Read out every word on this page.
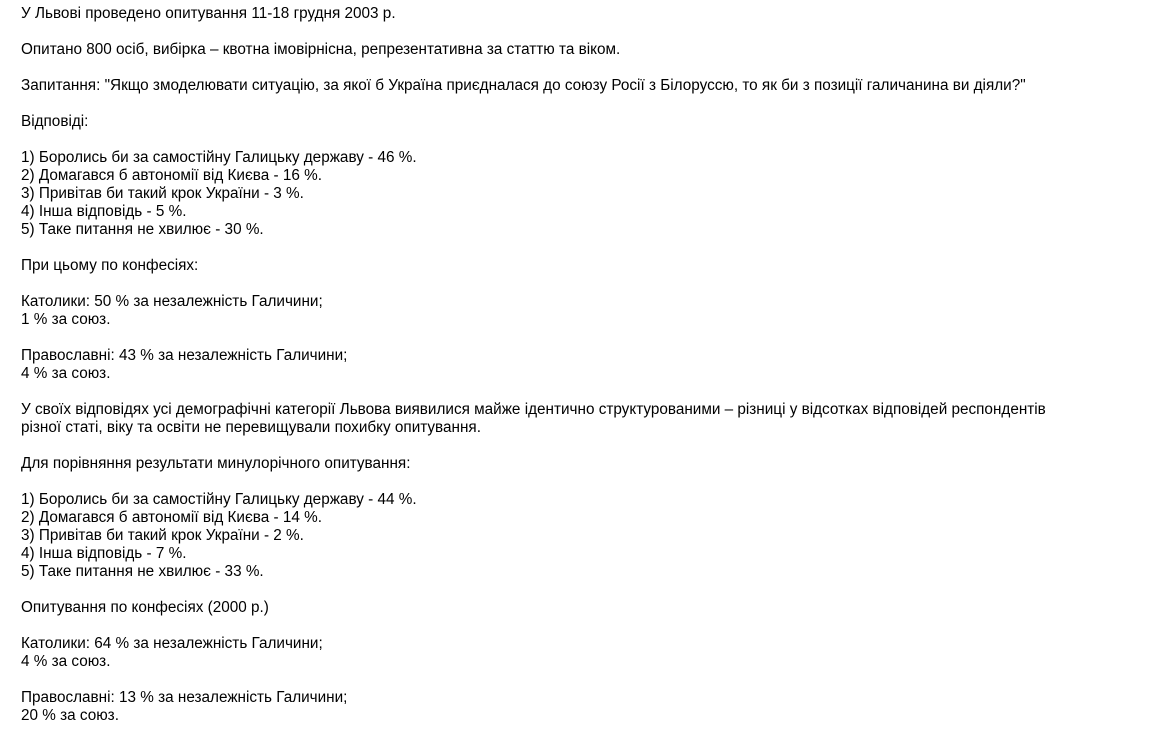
У Львові проведено опитування 11-18 грудня 2003 р.
Опитано 800 осіб, вибірка – квотна імовірнісна, репрезентативна за статтю та віком.
Запитання: "Якщо змоделювати ситуацію, за якої б Україна приєдналася до союзу Росії з Білоруссю, то як би з позиції галичанина ви діяли?"
Відповіді:
1) Боролись би за самостійну Галицьку державу - 46 %.
2) Домагався б автономії від Києва - 16 %.
3) Привітав би такий крок України - 3 %.
4) Інша відповідь - 5 %.
5) Таке питання не хвилює - 30 %.
При цьому по конфесіях:
Католики: 50 % за незалежність Галичини;
1 % за союз.
Православні: 43 % за незалежність Галичини;
4 % за союз.
У своїх відповідях усі демографічні категорії Львова виявилися майже ідентично структурованими – різниці у відсотках відповідей респондентів
різної статі, віку та освіти не перевищували похибку опитування.
Для порівняння результати минулорічного опитування:
1) Боролись би за самостійну Галицьку державу - 44 %.
2) Домагався б автономії від Києва - 14 %.
3) Привітав би такий крок України - 2 %.
4) Інша відповідь - 7 %.
5) Таке питання не хвилює - 33 %.
Опитування по конфесіях (2000 р.)
Католики: 64 % за незалежність Галичини;
4 % за союз.
Православні: 13 % за незалежність Галичини;
20 % за союз.
